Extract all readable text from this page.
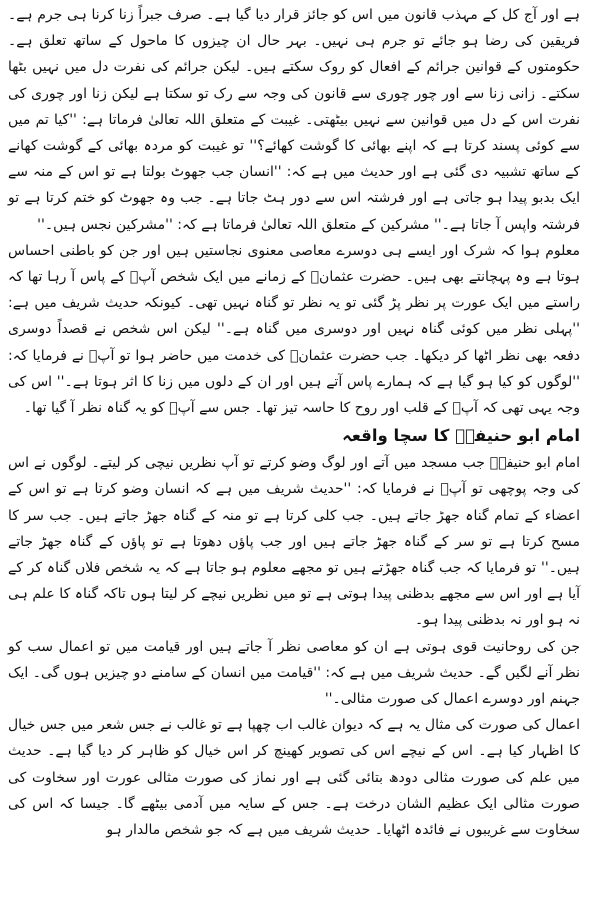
ہے اور آج کل کے مہذب قانون میں اس کو جائز قرار دیا گیا ہے۔ صرف جبراً زنا کرنا ہی جرم ہے۔ فریقین کی رضا ہو جائے تو جرم ہی نہیں۔ بہر حال ان چیزوں کا ماحول کے ساتھ تعلق ہے۔ حکومتوں کے قوانین جرائم کے افعال کو روک سکتے ہیں۔ لیکن جرائم کی نفرت دل میں نہیں بٹھا سکتے۔ زانی زنا سے اور چور چوری سے قانون کی وجہ سے رک تو سکتا ہے لیکن زنا اور چوری کی نفرت اس کے دل میں قوانین سے نہیں بیٹھتی۔ غیبت کے متعلق اللہ تعالیٰ فرماتا ہے: ''کیا تم میں سے کوئی پسند کرتا ہے کہ اپنے بھائی کا گوشت کھائے؟'' تو غیبت کو مردہ بھائی کے گوشت کھانے کے ساتھ تشبیہ دی گئی ہے اور حدیث میں ہے کہ: ''انسان جب جھوٹ بولتا ہے تو اس کے منہ سے ایک بدبو پیدا ہو جاتی ہے اور فرشتہ اس سے دور ہٹ جاتا ہے۔ جب وہ جھوٹ کو ختم کرتا ہے تو فرشتہ واپس آ جاتا ہے۔'' مشرکین کے متعلق اللہ تعالیٰ فرماتا ہے کہ: ''مشرکین نجس ہیں۔''

معلوم ہوا کہ شرک اور ایسے ہی دوسرے معاصی معنوی نجاستیں ہیں اور جن کو باطنی احساس ہوتا ہے وہ پہچانتے بھی ہیں۔ حضرت عثمانؓ کے زمانے میں ایک شخص آپؓ کے پاس آ رہا تھا کہ راستے میں ایک عورت پر نظر پڑ گئی تو یہ نظر تو گناہ نہیں تھی۔ کیونکہ حدیث شریف میں ہے: ''پہلی نظر میں کوئی گناہ نہیں اور دوسری میں گناہ ہے۔'' لیکن اس شخص نے قصداً دوسری دفعہ بھی نظر اٹھا کر دیکھا۔ جب حضرت عثمانؓ کی خدمت میں حاضر ہوا تو آپؓ نے فرمایا کہ: ''لوگوں کو کیا ہو گیا ہے کہ ہمارے پاس آتے ہیں اور ان کے دلوں میں زنا کا اثر ہوتا ہے۔'' اس کی وجہ یہی تھی کہ آپؓ کے قلب اور روح کا حاسہ تیز تھا۔ جس سے آپؓ کو یہ گناہ نظر آ گیا تھا۔

امام ابو حنیفہؒ کا سچا واقعہ

امام ابو حنیفہؒ جب مسجد میں آتے اور لوگ وضو کرتے تو آپ نظریں نیچی کر لیتے۔ لوگوں نے اس کی وجہ پوچھی تو آپؒ نے فرمایا کہ: ''حدیث شریف میں ہے کہ انسان وضو کرتا ہے تو اس کے اعضاء کے تمام گناہ جھڑ جاتے ہیں۔ جب کلی کرتا ہے تو منہ کے گناہ جھڑ جاتے ہیں۔ جب سر کا مسح کرتا ہے تو سر کے گناہ جھڑ جاتے ہیں اور جب پاؤں دھوتا ہے تو پاؤں کے گناہ جھڑ جاتے ہیں۔'' تو فرمایا کہ جب گناہ جھڑتے ہیں تو مجھے معلوم ہو جاتا ہے کہ یہ شخص فلاں گناہ کر کے آیا ہے اور اس سے مجھے بدظنی پیدا ہوتی ہے تو میں نظریں نیچے کر لیتا ہوں تاکہ گناہ کا علم ہی نہ ہو اور نہ بدظنی پیدا ہو۔

جن کی روحانیت قوی ہوتی ہے ان کو معاصی نظر آ جاتے ہیں اور قیامت میں تو اعمال سب کو نظر آنے لگیں گے۔ حدیث شریف میں ہے کہ: ''قیامت میں انسان کے سامنے دو چیزیں ہوں گی۔ ایک جہنم اور دوسرے اعمال کی صورت مثالی۔''

اعمال کی صورت کی مثال یہ ہے کہ دیوان غالب اب چھپا ہے تو غالب نے جس شعر میں جس خیال کا اظہار کیا ہے۔ اس کے نیچے اس کی تصویر کھینچ کر اس خیال کو ظاہر کر دیا گیا ہے۔ حدیث میں علم کی صورت مثالی دودھ بتائی گئی ہے اور نماز کی صورت مثالی عورت اور سخاوت کی صورت مثالی ایک عظیم الشان درخت ہے۔ جس کے سایہ میں آدمی بیٹھے گا۔ جیسا کہ اس کی سخاوت سے غریبوں نے فائدہ اٹھایا۔ حدیث شریف میں ہے کہ جو شخص مالدار ہو
